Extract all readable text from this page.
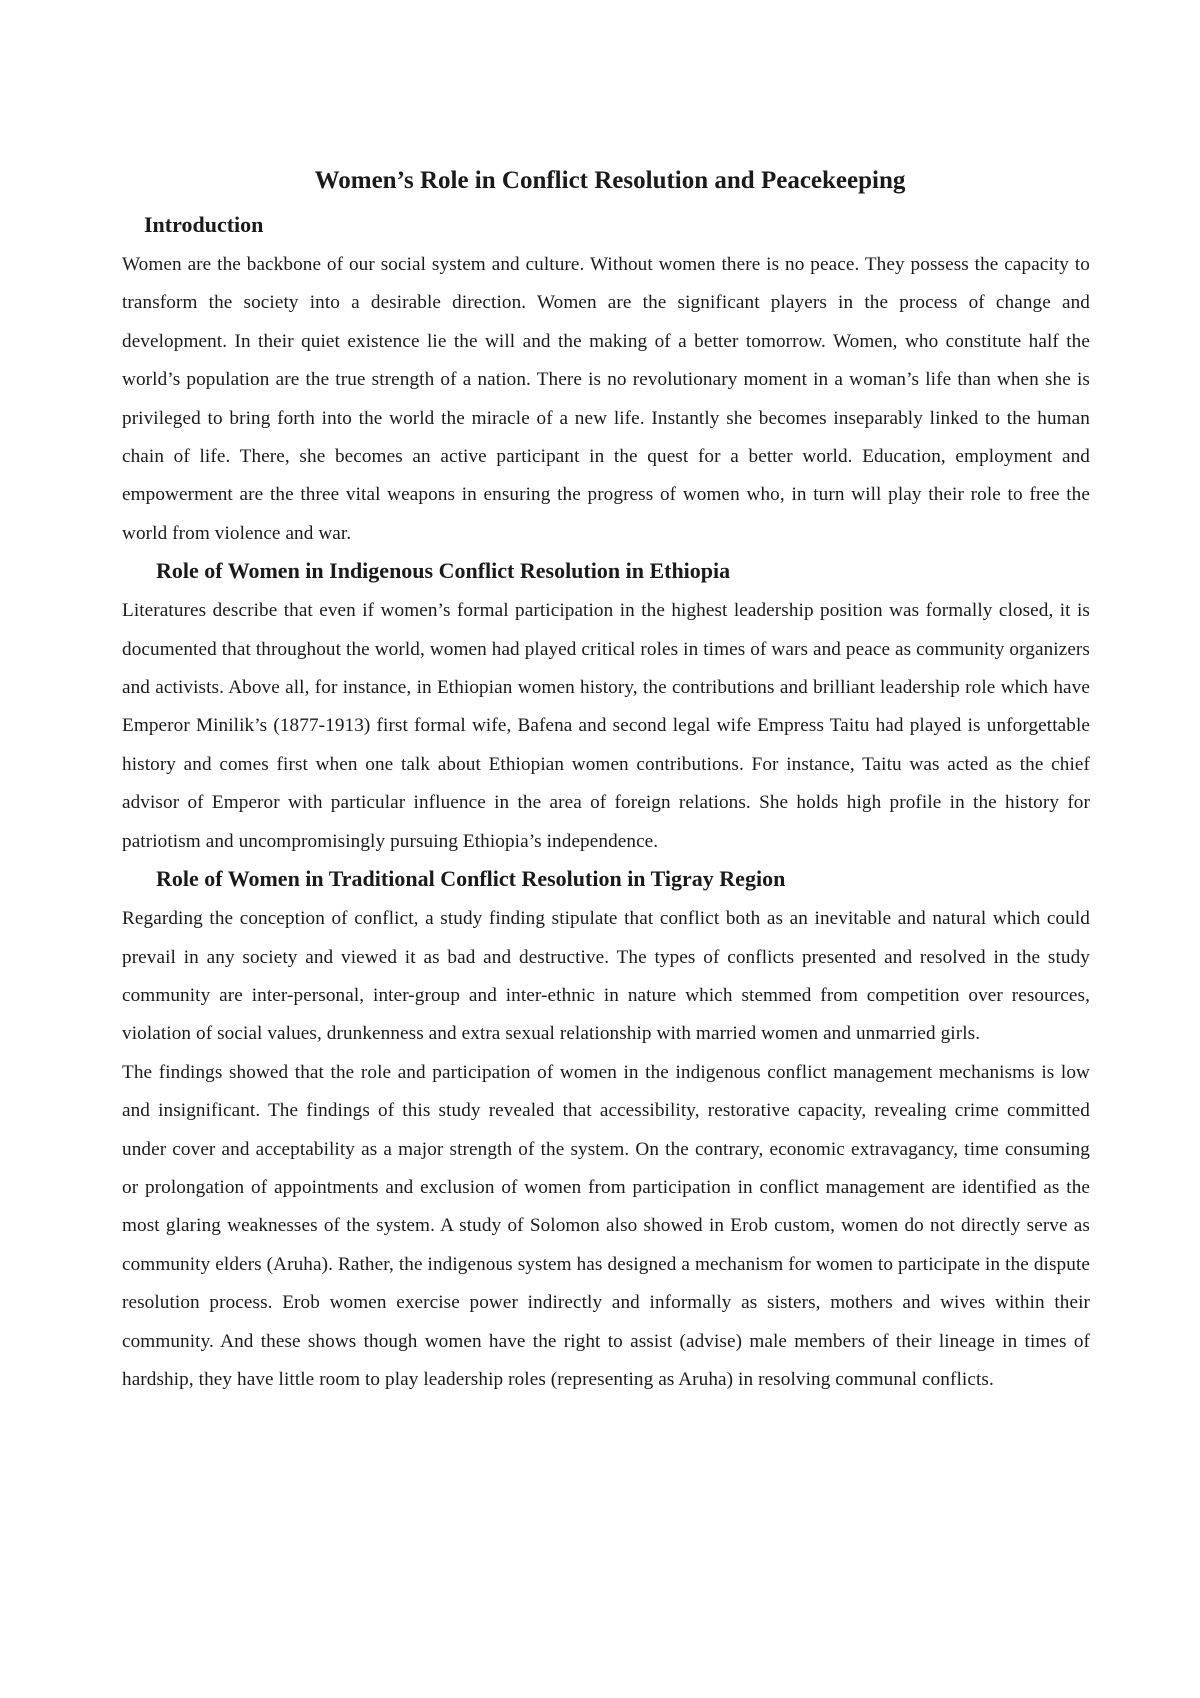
Women’s Role in Conflict Resolution and Peacekeeping
Introduction

Women are the backbone of our social system and culture. Without women there is no peace. They possess the capacity to transform the society into a desirable direction. Women are the significant players in the process of change and development. In their quiet existence lie the will and the making of a better tomorrow. Women, who constitute half the world’s population are the true strength of a nation. There is no revolutionary moment in a woman’s life than when she is privileged to bring forth into the world the miracle of a new life. Instantly she becomes inseparably linked to the human chain of life. There, she becomes an active participant in the quest for a better world. Education, employment and empowerment are the three vital weapons in ensuring the progress of women who, in turn will play their role to free the world from violence and war.

Role of Women in Indigenous Conflict Resolution in Ethiopia

Literatures describe that even if women’s formal participation in the highest leadership position was formally closed, it is documented that throughout the world, women had played critical roles in times of wars and peace as community organizers and activists. Above all, for instance, in Ethiopian women history, the contributions and brilliant leadership role which have Emperor Minilik’s (1877-1913) first formal wife, Bafena and second legal wife Empress Taitu had played is unforgettable history and comes first when one talk about Ethiopian women contributions. For instance, Taitu was acted as the chief advisor of Emperor with particular influence in the area of foreign relations. She holds high profile in the history for patriotism and uncompromisingly pursuing Ethiopia’s independence.

Role of Women in Traditional Conflict Resolution in Tigray Region

Regarding the conception of conflict, a study finding stipulate that conflict both as an inevitable and natural which could prevail in any society and viewed it as bad and destructive. The types of conflicts presented and resolved in the study community are inter-personal, inter-group and inter-ethnic in nature which stemmed from competition over resources, violation of social values, drunkenness and extra sexual relationship with married women and unmarried girls.

The findings showed that the role and participation of women in the indigenous conflict management mechanisms is low and insignificant. The findings of this study revealed that accessibility, restorative capacity, revealing crime committed under cover and acceptability as a major strength of the system. On the contrary, economic extravagancy, time consuming or prolongation of appointments and exclusion of women from participation in conflict management are identified as the most glaring weaknesses of the system. A study of Solomon also showed in Erob custom, women do not directly serve as community elders (Aruha). Rather, the indigenous system has designed a mechanism for women to participate in the dispute resolution process. Erob women exercise power indirectly and informally as sisters, mothers and wives within their community. And these shows though women have the right to assist (advise) male members of their lineage in times of hardship, they have little room to play leadership roles (representing as Aruha) in resolving communal conflicts.
